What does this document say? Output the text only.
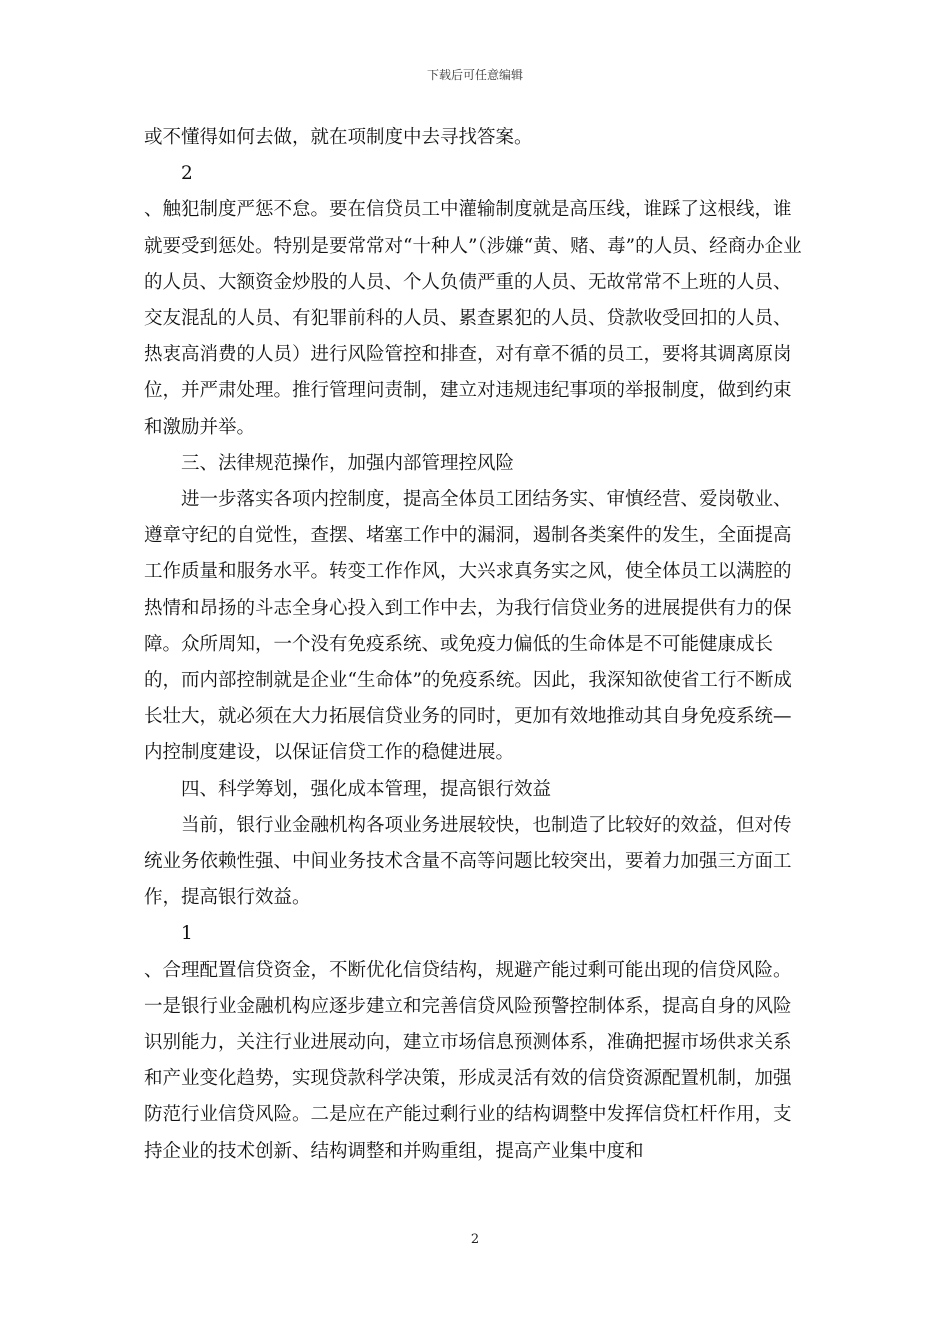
下载后可任意编辑

或不懂得如何去做，就在项制度中去寻找答案。

2

、触犯制度严惩不怠。要在信贷员工中灌输制度就是高压线，谁踩了这根线，谁就要受到惩处。特别是要常常对“十种人”（涉嫌“黄、赌、毒”的人员、经商办企业的人员、大额资金炒股的人员、个人负债严重的人员、无故常常不上班的人员、交友混乱的人员、有犯罪前科的人员、累查累犯的人员、贷款收受回扣的人员、热衷高消费的人员）进行风险管控和排查，对有章不循的员工，要将其调离原岗位，并严肃处理。推行管理问责制，建立对违规违纪事项的举报制度，做到约束和激励并举。

三、法律规范操作，加强内部管理控风险

进一步落实各项内控制度，提高全体员工团结务实、审慎经营、爱岗敬业、遵章守纪的自觉性，查摆、堵塞工作中的漏洞，遏制各类案件的发生，全面提高工作质量和服务水平。转变工作作风，大兴求真务实之风，使全体员工以满腔的热情和昂扬的斗志全身心投入到工作中去，为我行信贷业务的进展提供有力的保障。众所周知，一个没有免疫系统、或免疫力偏低的生命体是不可能健康成长的，而内部控制就是企业“生命体”的免疫系统。因此，我深知欲使省工行不断成长壮大，就必须在大力拓展信贷业务的同时，更加有效地推动其自身免疫系统—内控制度建设，以保证信贷工作的稳健进展。

四、科学筹划，强化成本管理，提高银行效益

当前，银行业金融机构各项业务进展较快，也制造了比较好的效益，但对传统业务依赖性强、中间业务技术含量不高等问题比较突出，要着力加强三方面工作，提高银行效益。

1

、合理配置信贷资金，不断优化信贷结构，规避产能过剩可能出现的信贷风险。一是银行业金融机构应逐步建立和完善信贷风险预警控制体系，提高自身的风险识别能力，关注行业进展动向，建立市场信息预测体系，准确把握市场供求关系和产业变化趋势，实现贷款科学决策，形成灵活有效的信贷资源配置机制，加强防范行业信贷风险。二是应在产能过剩行业的结构调整中发挥信贷杠杆作用，支持企业的技术创新、结构调整和并购重组，提高产业集中度和

2
